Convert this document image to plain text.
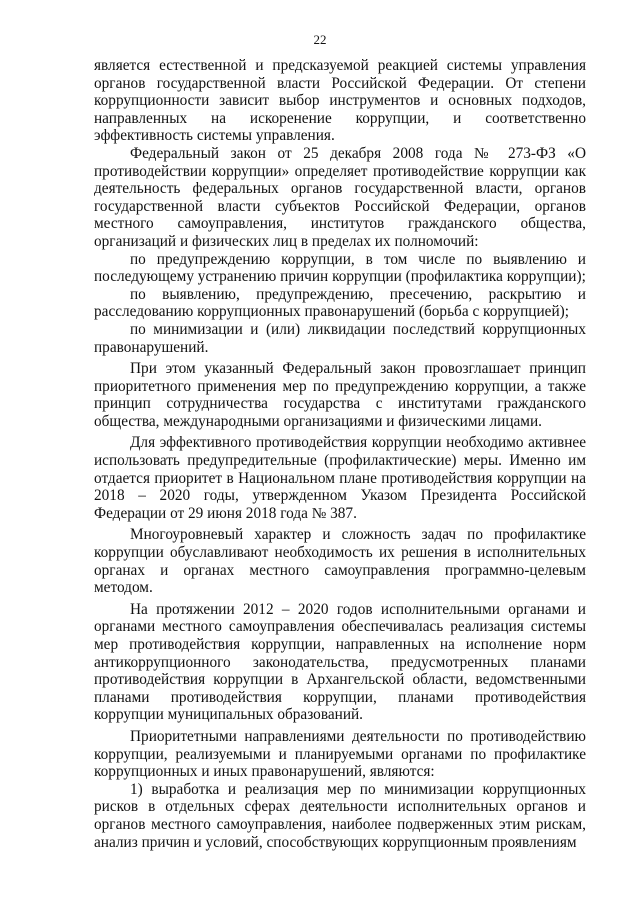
22

является естественной и предсказуемой реакцией системы управления органов государственной власти Российской Федерации. От степени коррупционности зависит выбор инструментов и основных подходов, направленных на искоренение коррупции, и соответственно эффективность системы управления.

Федеральный закон от 25 декабря 2008 года № 273-ФЗ «О противодействии коррупции» определяет противодействие коррупции как деятельность федеральных органов государственной власти, органов государственной власти субъектов Российской Федерации, органов местного самоуправления, институтов гражданского общества, организаций и физических лиц в пределах их полномочий:

по предупреждению коррупции, в том числе по выявлению и последующему устранению причин коррупции (профилактика коррупции);

по выявлению, предупреждению, пресечению, раскрытию и расследованию коррупционных правонарушений (борьба с коррупцией);

по минимизации и (или) ликвидации последствий коррупционных правонарушений.

При этом указанный Федеральный закон провозглашает принцип приоритетного применения мер по предупреждению коррупции, а также принцип сотрудничества государства с институтами гражданского общества, международными организациями и физическими лицами.

Для эффективного противодействия коррупции необходимо активнее использовать предупредительные (профилактические) меры. Именно им отдается приоритет в Национальном плане противодействия коррупции на 2018 – 2020 годы, утвержденном Указом Президента Российской Федерации от 29 июня 2018 года № 387.

Многоуровневый характер и сложность задач по профилактике коррупции обуславливают необходимость их решения в исполнительных органах и органах местного самоуправления программно-целевым методом.

На протяжении 2012 – 2020 годов исполнительными органами и органами местного самоуправления обеспечивалась реализация системы мер противодействия коррупции, направленных на исполнение норм антикоррупционного законодательства, предусмотренных планами противодействия коррупции в Архангельской области, ведомственными планами противодействия коррупции, планами противодействия коррупции муниципальных образований.

Приоритетными направлениями деятельности по противодействию коррупции, реализуемыми и планируемыми органами по профилактике коррупционных и иных правонарушений, являются:

1) выработка и реализация мер по минимизации коррупционных рисков в отдельных сферах деятельности исполнительных органов и органов местного самоуправления, наиболее подверженных этим рискам, анализ причин и условий, способствующих коррупционным проявлениям
